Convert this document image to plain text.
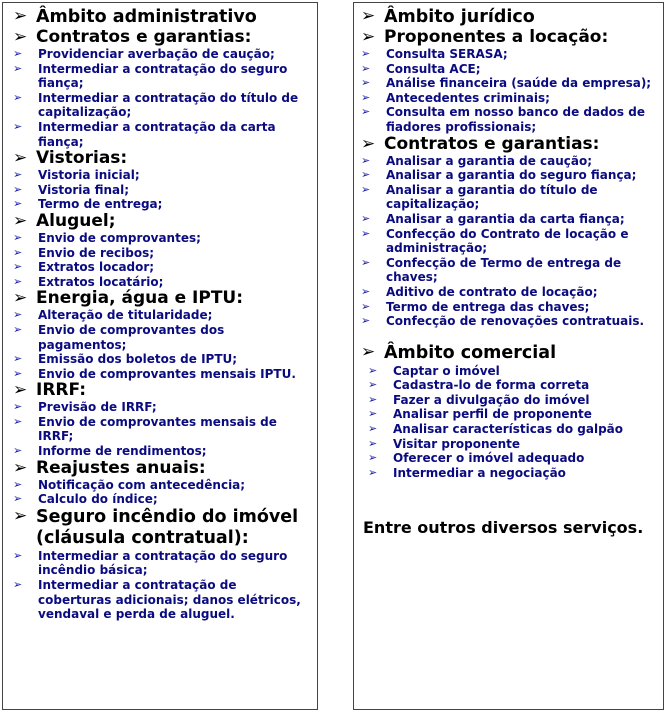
➢ Âmbito administrativo
➢ Contratos e garantias:
➢	Providenciar averbação de caução;
➢	Intermediar a contratação do seguro fiança;
➢	Intermediar a contratação do título de capitalização;
➢	Intermediar a contratação da carta fiança;
➢ Vistorias:
➢	Vistoria inicial;
➢	Vistoria final;
➢	Termo de entrega;
➢ Aluguel;
➢	Envio de comprovantes;
➢	Envio de recibos;
➢	Extratos locador;
➢	Extratos locatário;
➢ Energia, água e IPTU:
➢	Alteração de titularidade;
➢	Envio de comprovantes dos pagamentos;
➢	Emissão dos boletos de IPTU;
➢	Envio de comprovantes mensais IPTU.
➢ IRRF:
➢	Previsão de IRRF;
➢	Envio de comprovantes mensais de IRRF;
➢	Informe de rendimentos;
➢ Reajustes anuais:
➢	Notificação com antecedência;
➢	Calculo do índice;
➢ Seguro incêndio do imóvel (cláusula contratual):
➢	Intermediar a contratação do seguro incêndio básica;
➢	Intermediar a contratação de coberturas adicionais; danos elétricos, vendaval e perda de aluguel.
➢ Âmbito jurídico
➢ Proponentes a locação:
➢	Consulta SERASA;
➢	Consulta ACE;
➢	Análise financeira (saúde da empresa);
➢	Antecedentes criminais;
➢	Consulta em nosso banco de dados de fiadores profissionais;
➢ Contratos e garantias:
➢	Analisar a garantia de caução;
➢	Analisar a garantia do seguro fiança;
➢	Analisar a garantia do título de capitalização;
➢	Analisar a garantia da carta fiança;
➢	Confecção do Contrato de locação e administração;
➢	Confecção de Termo de entrega de chaves;
➢	Aditivo de contrato de locação;
➢	Termo de entrega das chaves;
➢	Confecção de renovações contratuais.
➢ Âmbito comercial
➢	Captar o imóvel
➢	Cadastra-lo de forma correta
➢	Fazer a divulgação do imóvel
➢	Analisar perfil de proponente
➢	Analisar características do galpão
➢	Visitar proponente
➢	Oferecer o imóvel adequado
➢	Intermediar a negociação
Entre outros diversos serviços.
